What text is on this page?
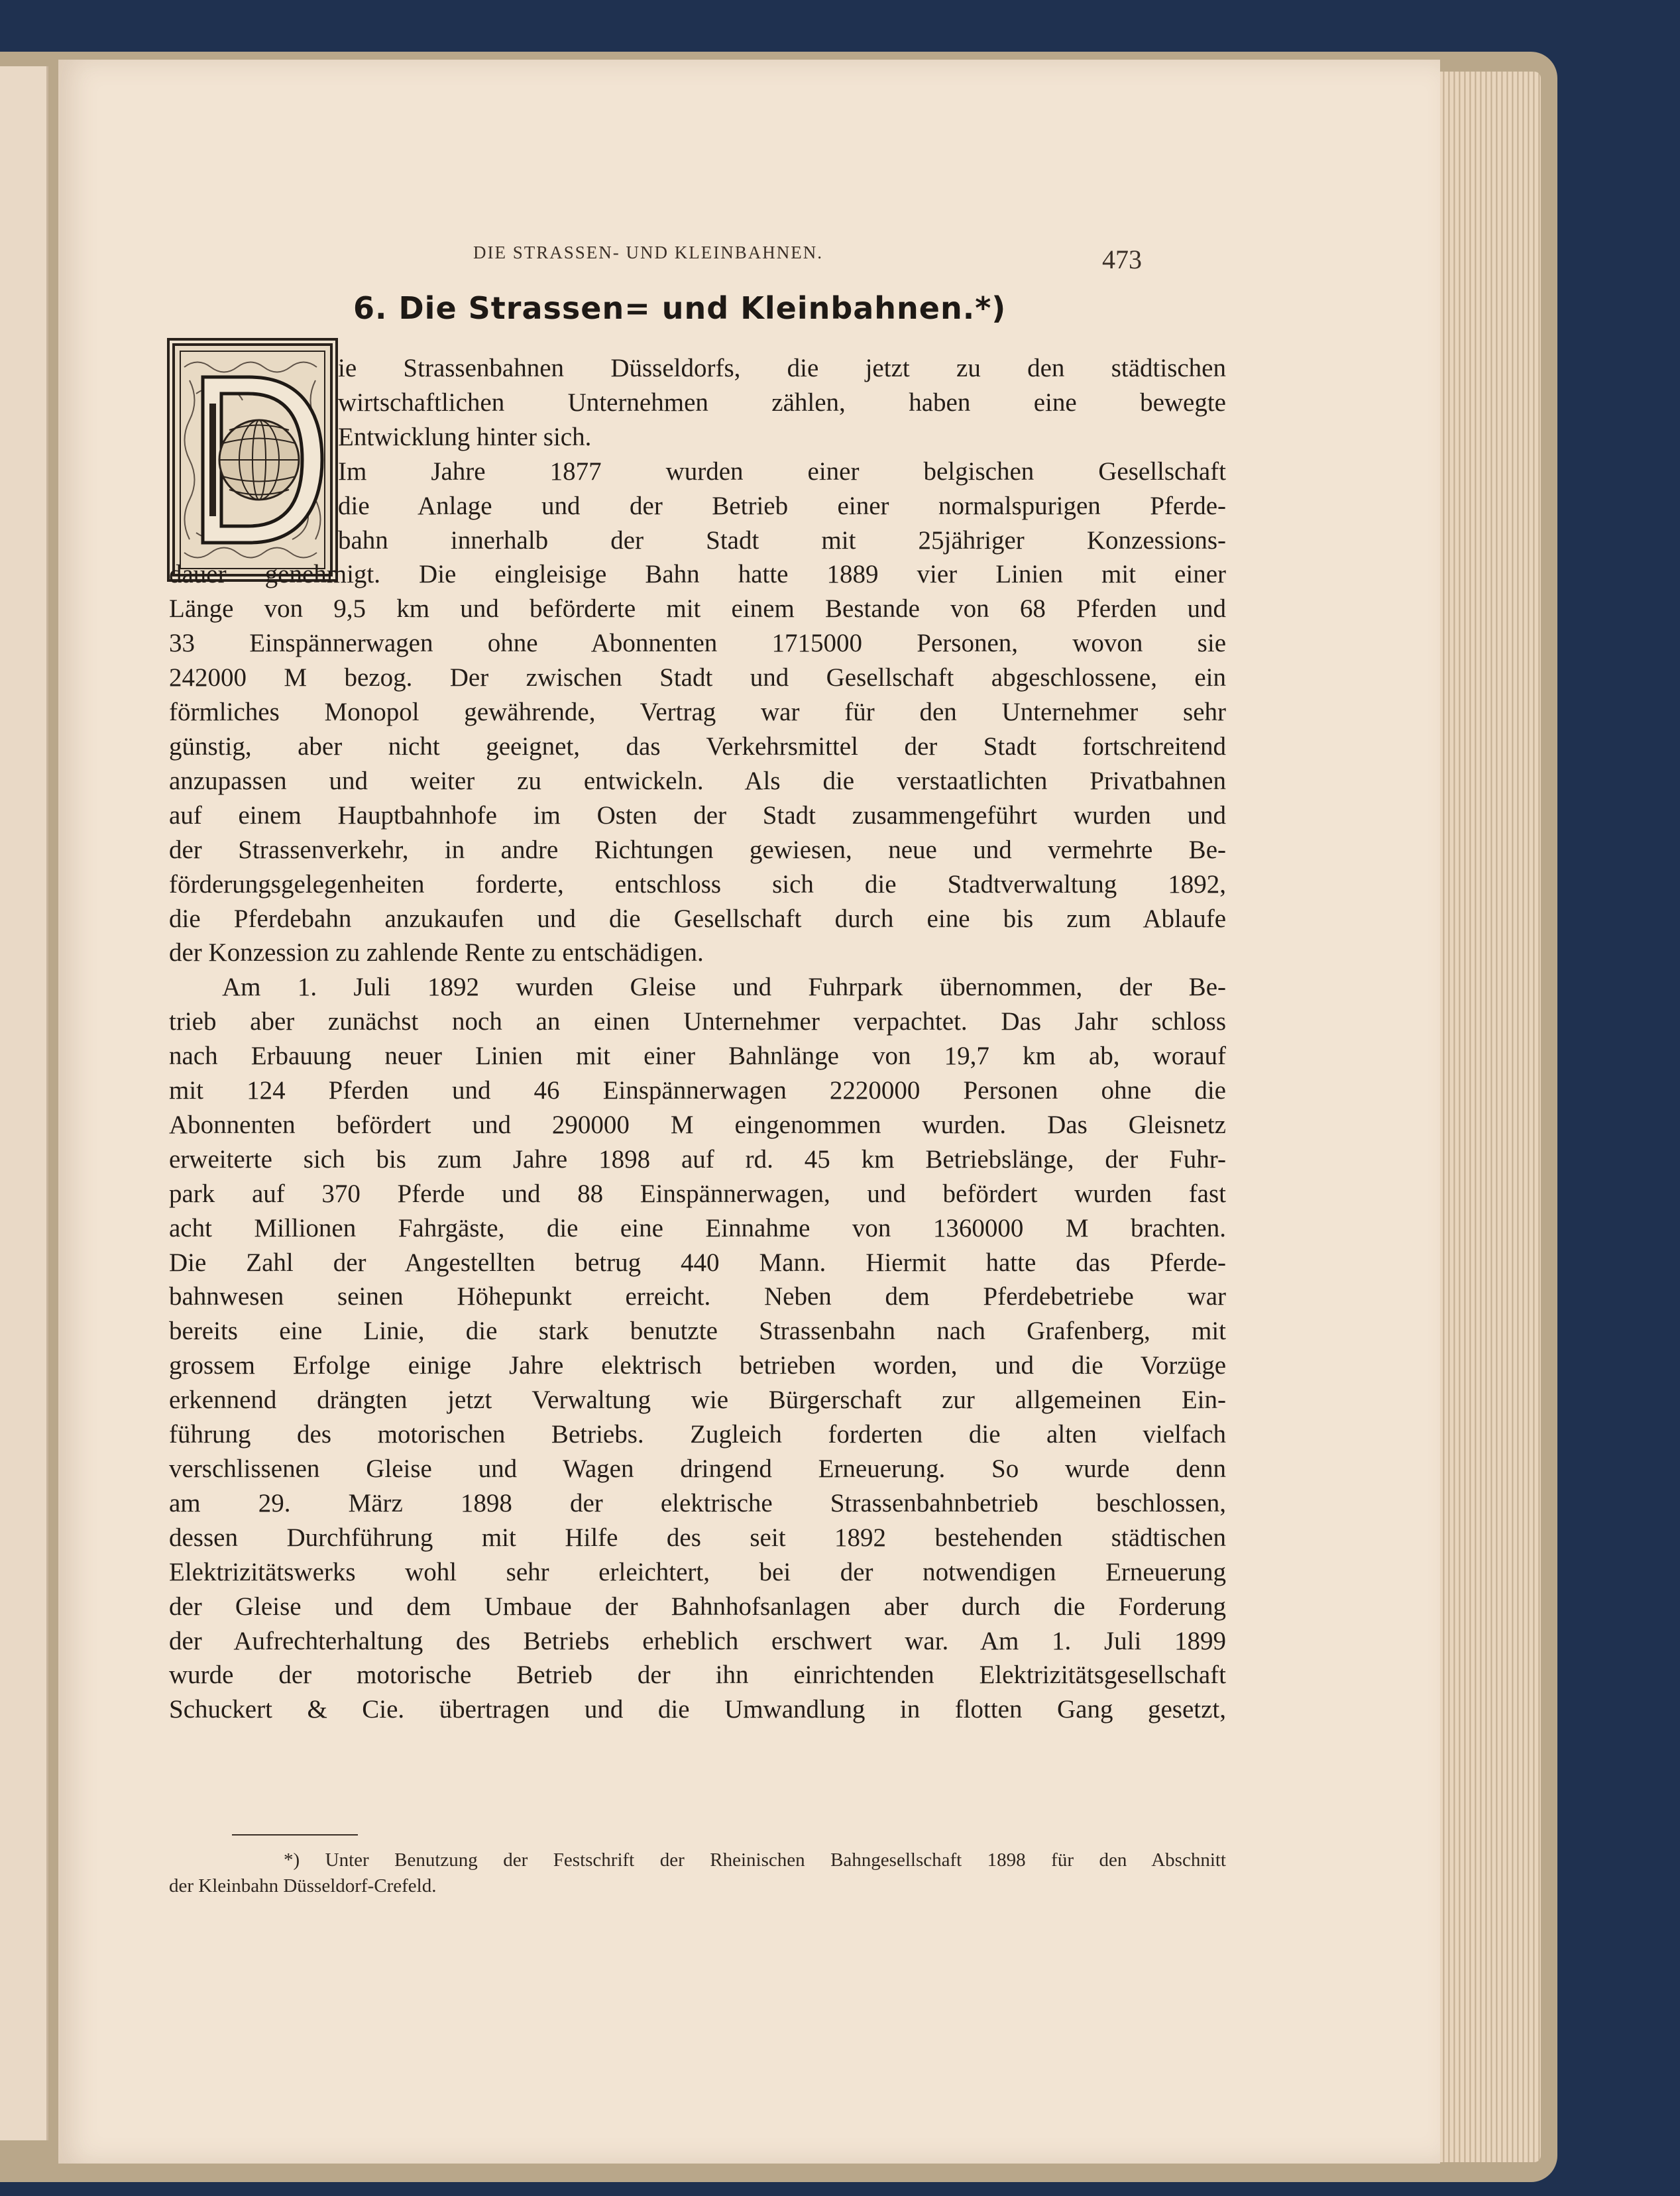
DIE STRASSEN- UND KLEINBAHNEN.	473
6. Die Strassen= und Kleinbahnen.*)
ie Strassenbahnen Düsseldorfs, die jetzt zu den städtischen
wirtschaftlichen Unternehmen zählen, haben eine bewegte
Entwicklung hinter sich.
Im Jahre 1877 wurden einer belgischen Gesellschaft
die Anlage und der Betrieb einer normalspurigen Pferde-
bahn innerhalb der Stadt mit 25jähriger Konzessions-
dauer genehmigt. Die eingleisige Bahn hatte 1889 vier Linien mit einer
Länge von 9,5 km und beförderte mit einem Bestande von 68 Pferden und
33 Einspännerwagen ohne Abonnenten 1715000 Personen, wovon sie
242000 M bezog. Der zwischen Stadt und Gesellschaft abgeschlossene, ein
förmliches Monopol gewährende, Vertrag war für den Unternehmer sehr
günstig, aber nicht geeignet, das Verkehrsmittel der Stadt fortschreitend
anzupassen und weiter zu entwickeln. Als die verstaatlichten Privatbahnen
auf einem Hauptbahnhofe im Osten der Stadt zusammengeführt wurden und
der Strassenverkehr, in andre Richtungen gewiesen, neue und vermehrte Be-
förderungsgelegenheiten forderte, entschloss sich die Stadtverwaltung 1892,
die Pferdebahn anzukaufen und die Gesellschaft durch eine bis zum Ablaufe
der Konzession zu zahlende Rente zu entschädigen.
Am 1. Juli 1892 wurden Gleise und Fuhrpark übernommen, der Be-
trieb aber zunächst noch an einen Unternehmer verpachtet. Das Jahr schloss
nach Erbauung neuer Linien mit einer Bahnlänge von 19,7 km ab, worauf
mit 124 Pferden und 46 Einspännerwagen 2220000 Personen ohne die
Abonnenten befördert und 290000 M eingenommen wurden. Das Gleisnetz
erweiterte sich bis zum Jahre 1898 auf rd. 45 km Betriebslänge, der Fuhr-
park auf 370 Pferde und 88 Einspännerwagen, und befördert wurden fast
acht Millionen Fahrgäste, die eine Einnahme von 1360000 M brachten.
Die Zahl der Angestellten betrug 440 Mann. Hiermit hatte das Pferde-
bahnwesen seinen Höhepunkt erreicht. Neben dem Pferdebetriebe war
bereits eine Linie, die stark benutzte Strassenbahn nach Grafenberg, mit
grossem Erfolge einige Jahre elektrisch betrieben worden, und die Vorzüge
erkennend drängten jetzt Verwaltung wie Bürgerschaft zur allgemeinen Ein-
führung des motorischen Betriebs. Zugleich forderten die alten vielfach
verschlissenen Gleise und Wagen dringend Erneuerung. So wurde denn
am 29. März 1898 der elektrische Strassenbahnbetrieb beschlossen,
dessen Durchführung mit Hilfe des seit 1892 bestehenden städtischen
Elektrizitätswerks wohl sehr erleichtert, bei der notwendigen Erneuerung
der Gleise und dem Umbaue der Bahnhofsanlagen aber durch die Forderung
der Aufrechterhaltung des Betriebs erheblich erschwert war. Am 1. Juli 1899
wurde der motorische Betrieb der ihn einrichtenden Elektrizitätsgesellschaft
Schuckert & Cie. übertragen und die Umwandlung in flotten Gang gesetzt,
*) Unter Benutzung der Festschrift der Rheinischen Bahngesellschaft 1898 für den Abschnitt
der Kleinbahn Düsseldorf-Crefeld.
